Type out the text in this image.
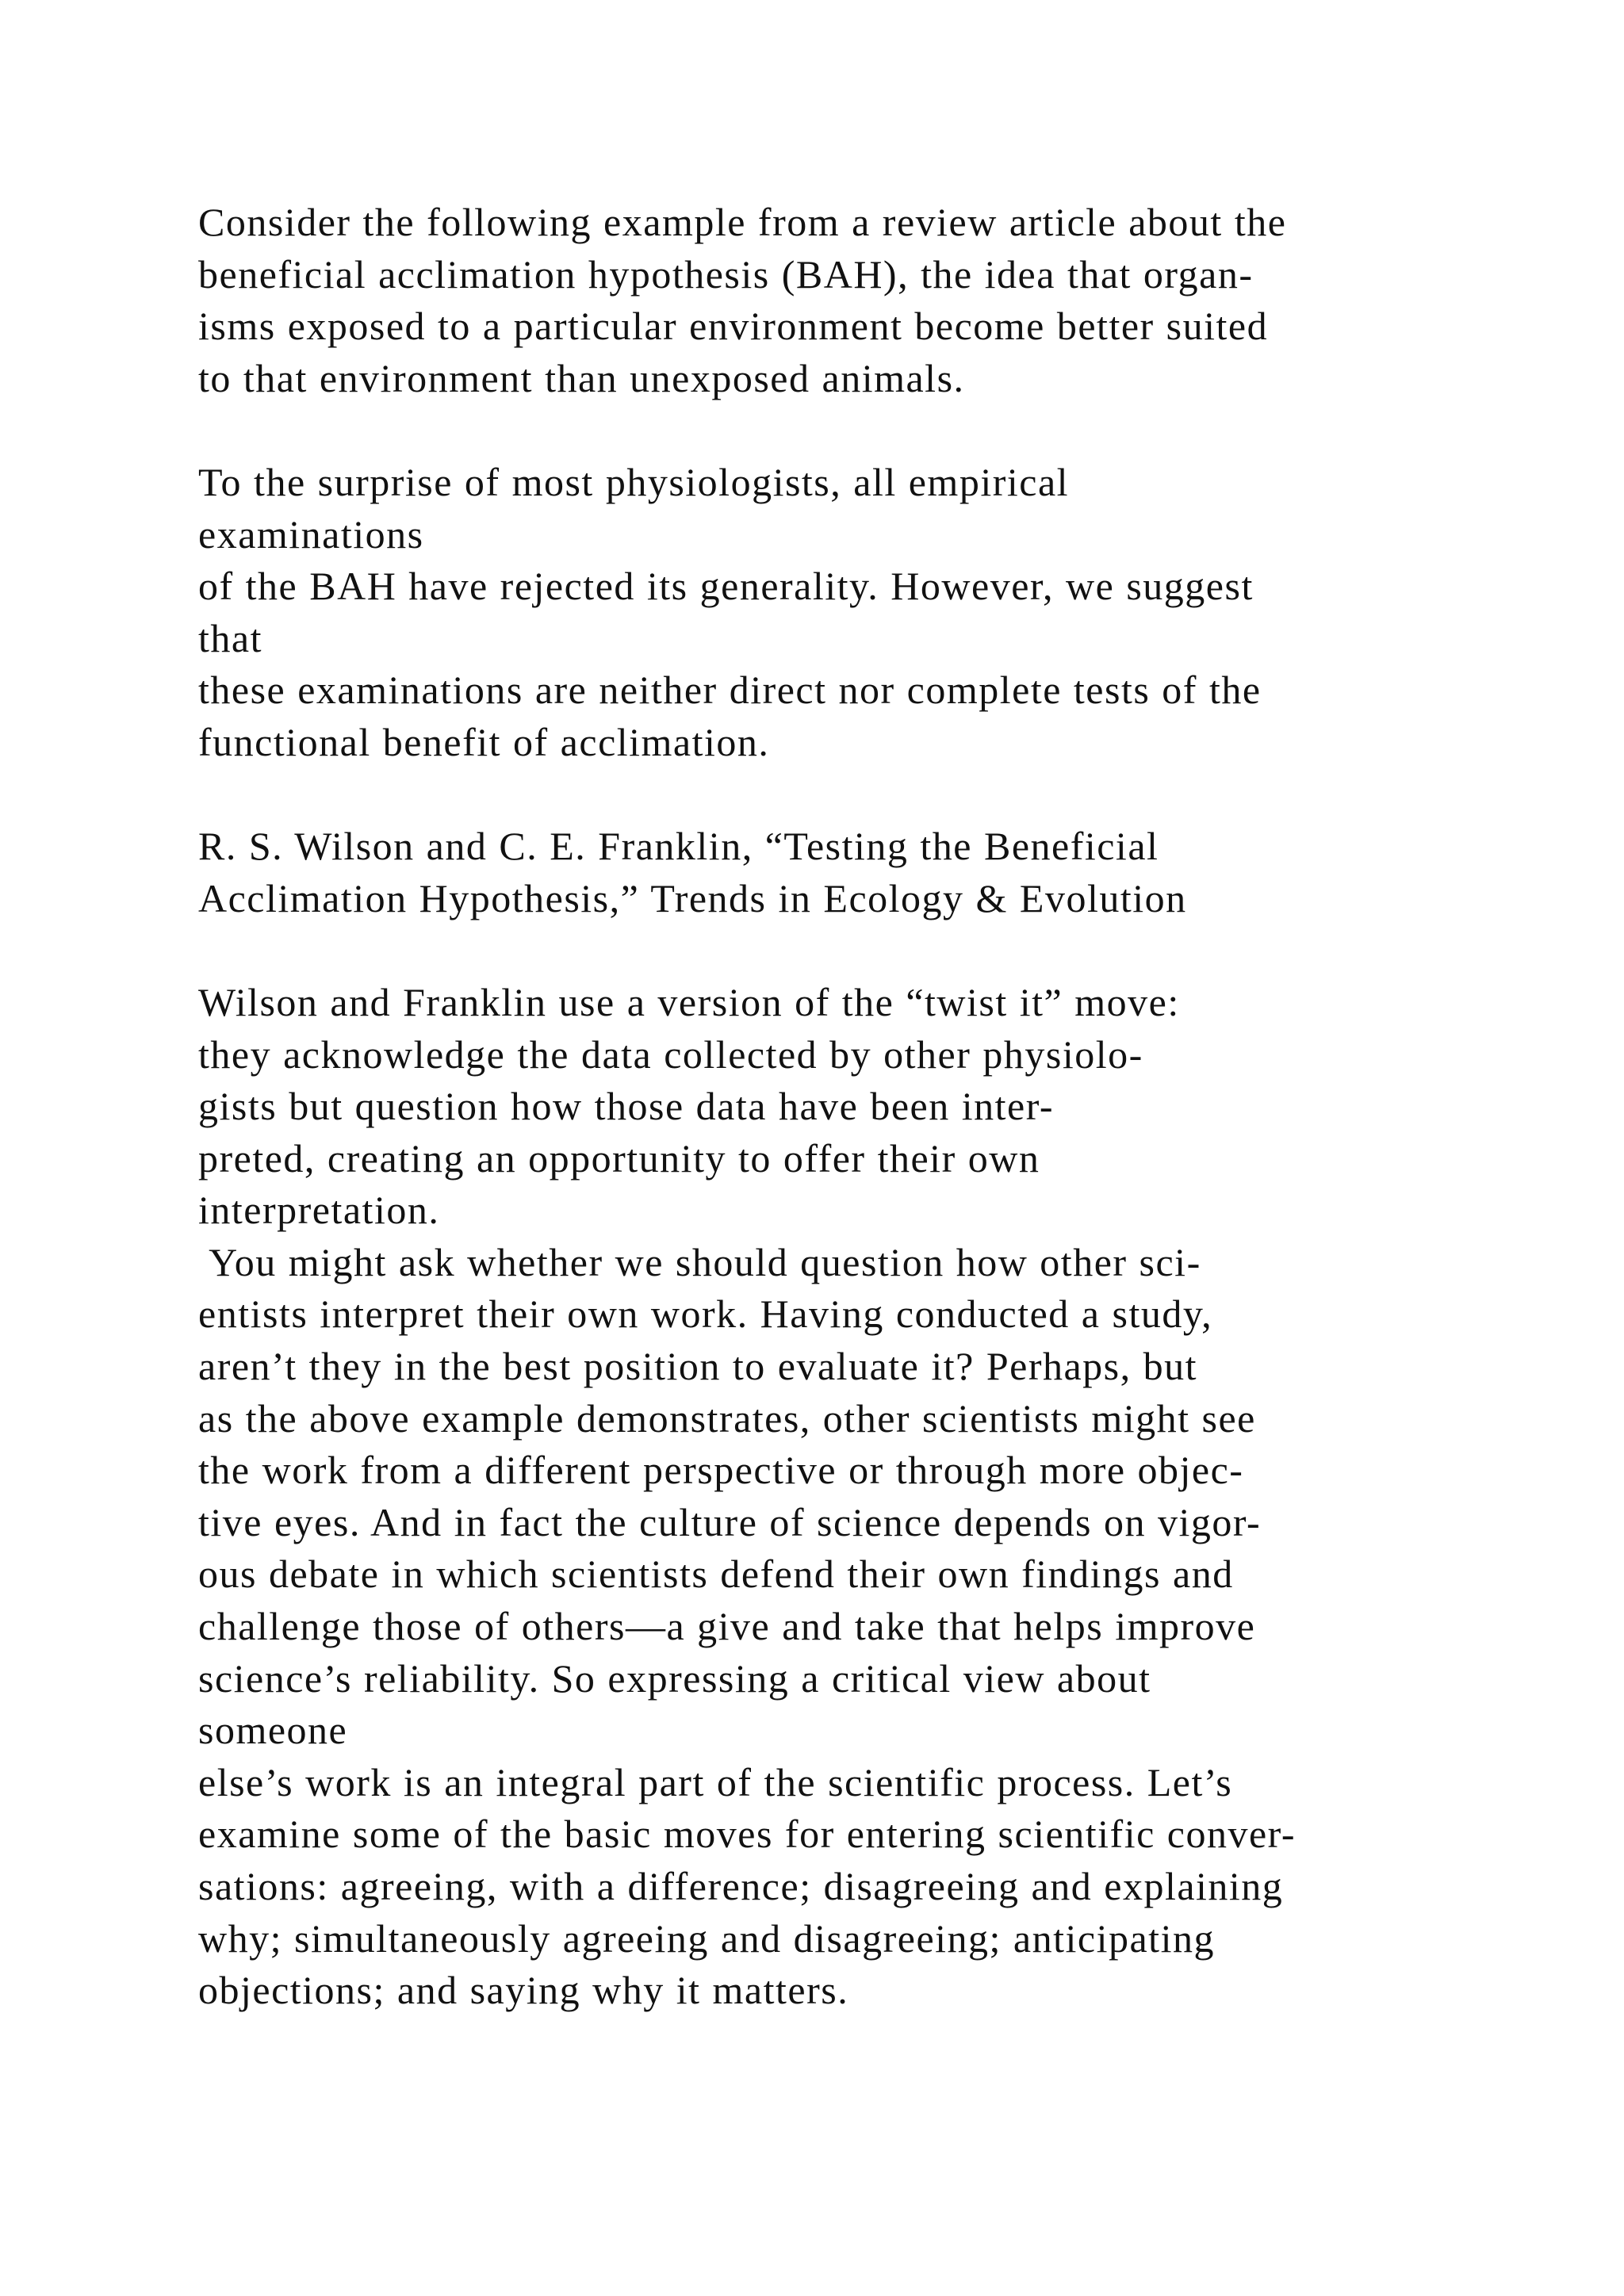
Consider the following example from a review article about the
beneficial acclimation hypothesis (BAH), the idea that organ-
isms exposed to a particular environment become better suited
to that environment than unexposed animals.
To the surprise of most physiologists, all empirical
examinations
of the BAH have rejected its generality. However, we suggest
that
these examinations are neither direct nor complete tests of the
functional benefit of acclimation.
R. S. Wilson and C. E. Franklin, “Testing the Beneficial
Acclimation Hypothesis,” Trends in Ecology & Evolution
Wilson and Franklin use a version of the “twist it” move:
they acknowledge the data collected by other physiolo-
gists but question how those data have been inter-
preted, creating an opportunity to offer their own
interpretation.
You might ask whether we should question how other sci-
entists interpret their own work. Having conducted a study,
aren’t they in the best position to evaluate it? Perhaps, but
as the above example demonstrates, other scientists might see
the work from a different perspective or through more objec-
tive eyes. And in fact the culture of science depends on vigor-
ous debate in which scientists defend their own findings and
challenge those of others—a give and take that helps improve
science’s reliability. So expressing a critical view about
someone
else’s work is an integral part of the scientific process. Let’s
examine some of the basic moves for entering scientific conver-
sations: agreeing, with a difference; disagreeing and explaining
why; simultaneously agreeing and disagreeing; anticipating
objections; and saying why it matters.
